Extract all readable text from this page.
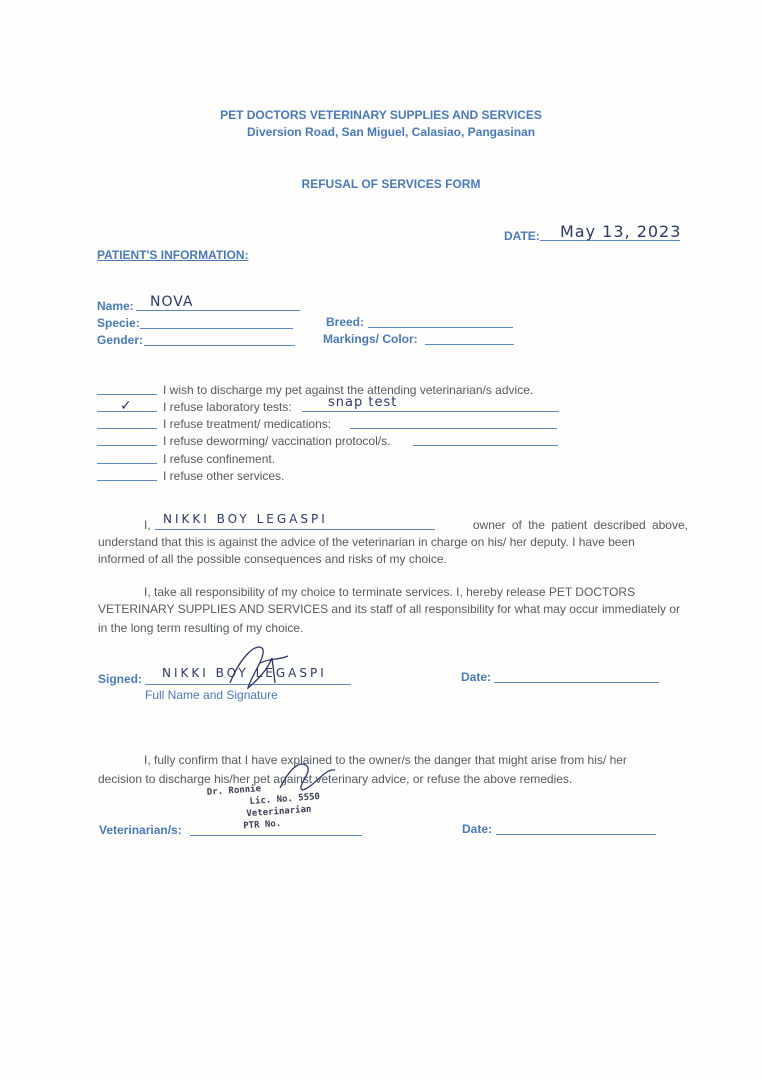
PET DOCTORS VETERINARY SUPPLIES AND SERVICES
Diversion Road, San Miguel, Calasiao, Pangasinan
REFUSAL OF SERVICES FORM
DATE: May 13, 2023
PATIENT'S INFORMATION:
Name: NOVA
Specie:	Breed:
Gender:	Markings/ Color:
I wish to discharge my pet against the attending veterinarian/s advice.
✓	I refuse laboratory tests:	snap test
I refuse treatment/ medications:
I refuse deworming/ vaccination protocol/s.
I refuse confinement.
I refuse other services.
I, NIKKI BOY LEGASPI	owner of the patient described above,
understand that this is against the advice of the veterinarian in charge on his/ her deputy. I have been
informed of all the possible consequences and risks of my choice.
I, take all responsibility of my choice to terminate services. I, hereby release PET DOCTORS
VETERINARY SUPPLIES AND SERVICES and its staff of all responsibility for what may occur immediately or
in the long term resulting of my choice.
Signed: NIKKI BOY LEGASPI
Full Name and Signature
Date:
I, fully confirm that I have explained to the owner/s the danger that might arise from his/ her
decision to discharge his/her pet against veterinary advice, or refuse the above remedies.
Dr. Ronnie
Lic. No. 5550
Veterinarian
PTR No.
Veterinarian/s:	Date:
